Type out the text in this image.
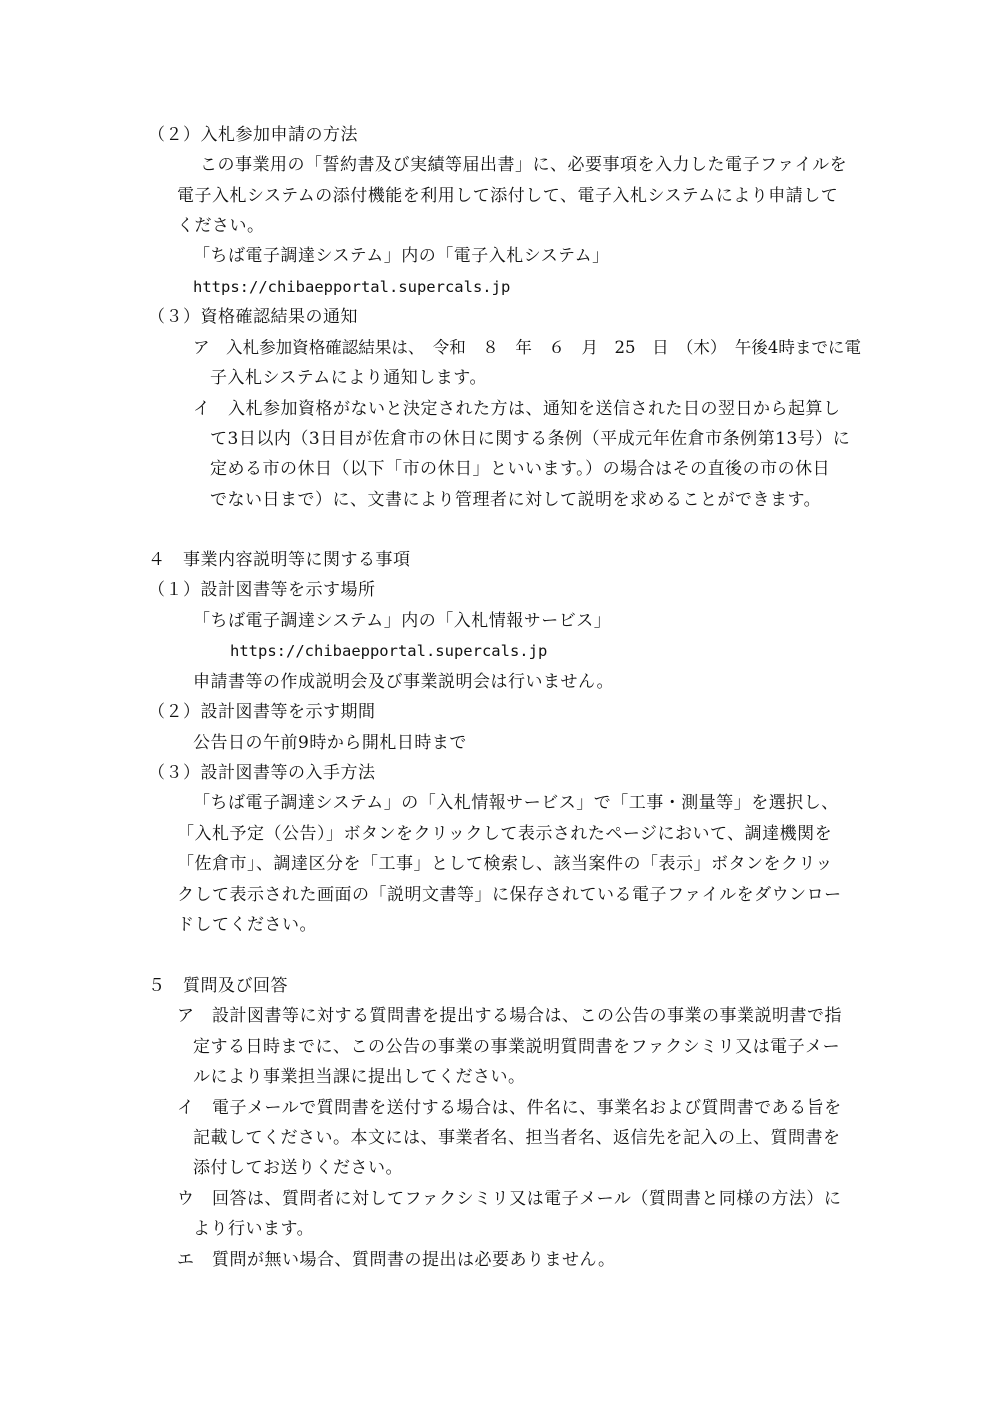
（２）入札参加申請の方法
この事業用の「誓約書及び実績等届出書」に、必要事項を入力した電子ファイルを
電子入札システムの添付機能を利用して添付して、電子入札システムにより申請して
ください。
「ちば電子調達システム」内の「電子入札システム」
https://chibaepportal.supercals.jp
（３）資格確認結果の通知
ア　入札参加資格確認結果は、　令和　８　年　６　月　25　日　（木）　午後4時までに電
子入札システムにより通知します。
イ　入札参加資格がないと決定された方は、通知を送信された日の翌日から起算し
て3日以内（3日目が佐倉市の休日に関する条例（平成元年佐倉市条例第13号）に
定める市の休日（以下「市の休日」といいます。）の場合はその直後の市の休日
でない日まで）に、文書により管理者に対して説明を求めることができます。
４　事業内容説明等に関する事項
（１）設計図書等を示す場所
「ちば電子調達システム」内の「入札情報サービス」
https://chibaepportal.supercals.jp
申請書等の作成説明会及び事業説明会は行いません。
（２）設計図書等を示す期間
公告日の午前9時から開札日時まで
（３）設計図書等の入手方法
「ちば電子調達システム」の「入札情報サービス」で「工事・測量等」を選択し、
「入札予定（公告）」ボタンをクリックして表示されたページにおいて、調達機関を
「佐倉市」、調達区分を「工事」として検索し、該当案件の「表示」ボタンをクリッ
クして表示された画面の「説明文書等」に保存されている電子ファイルをダウンロー
ドしてください。
５　質問及び回答
ア　設計図書等に対する質問書を提出する場合は、この公告の事業の事業説明書で指
定する日時までに、この公告の事業の事業説明質問書をファクシミリ又は電子メー
ルにより事業担当課に提出してください。
イ　電子メールで質問書を送付する場合は、件名に、事業名および質問書である旨を
記載してください。本文には、事業者名、担当者名、返信先を記入の上、質問書を
添付してお送りください。
ウ　回答は、質問者に対してファクシミリ又は電子メール（質問書と同様の方法）に
より行います。
エ　質問が無い場合、質問書の提出は必要ありません。
